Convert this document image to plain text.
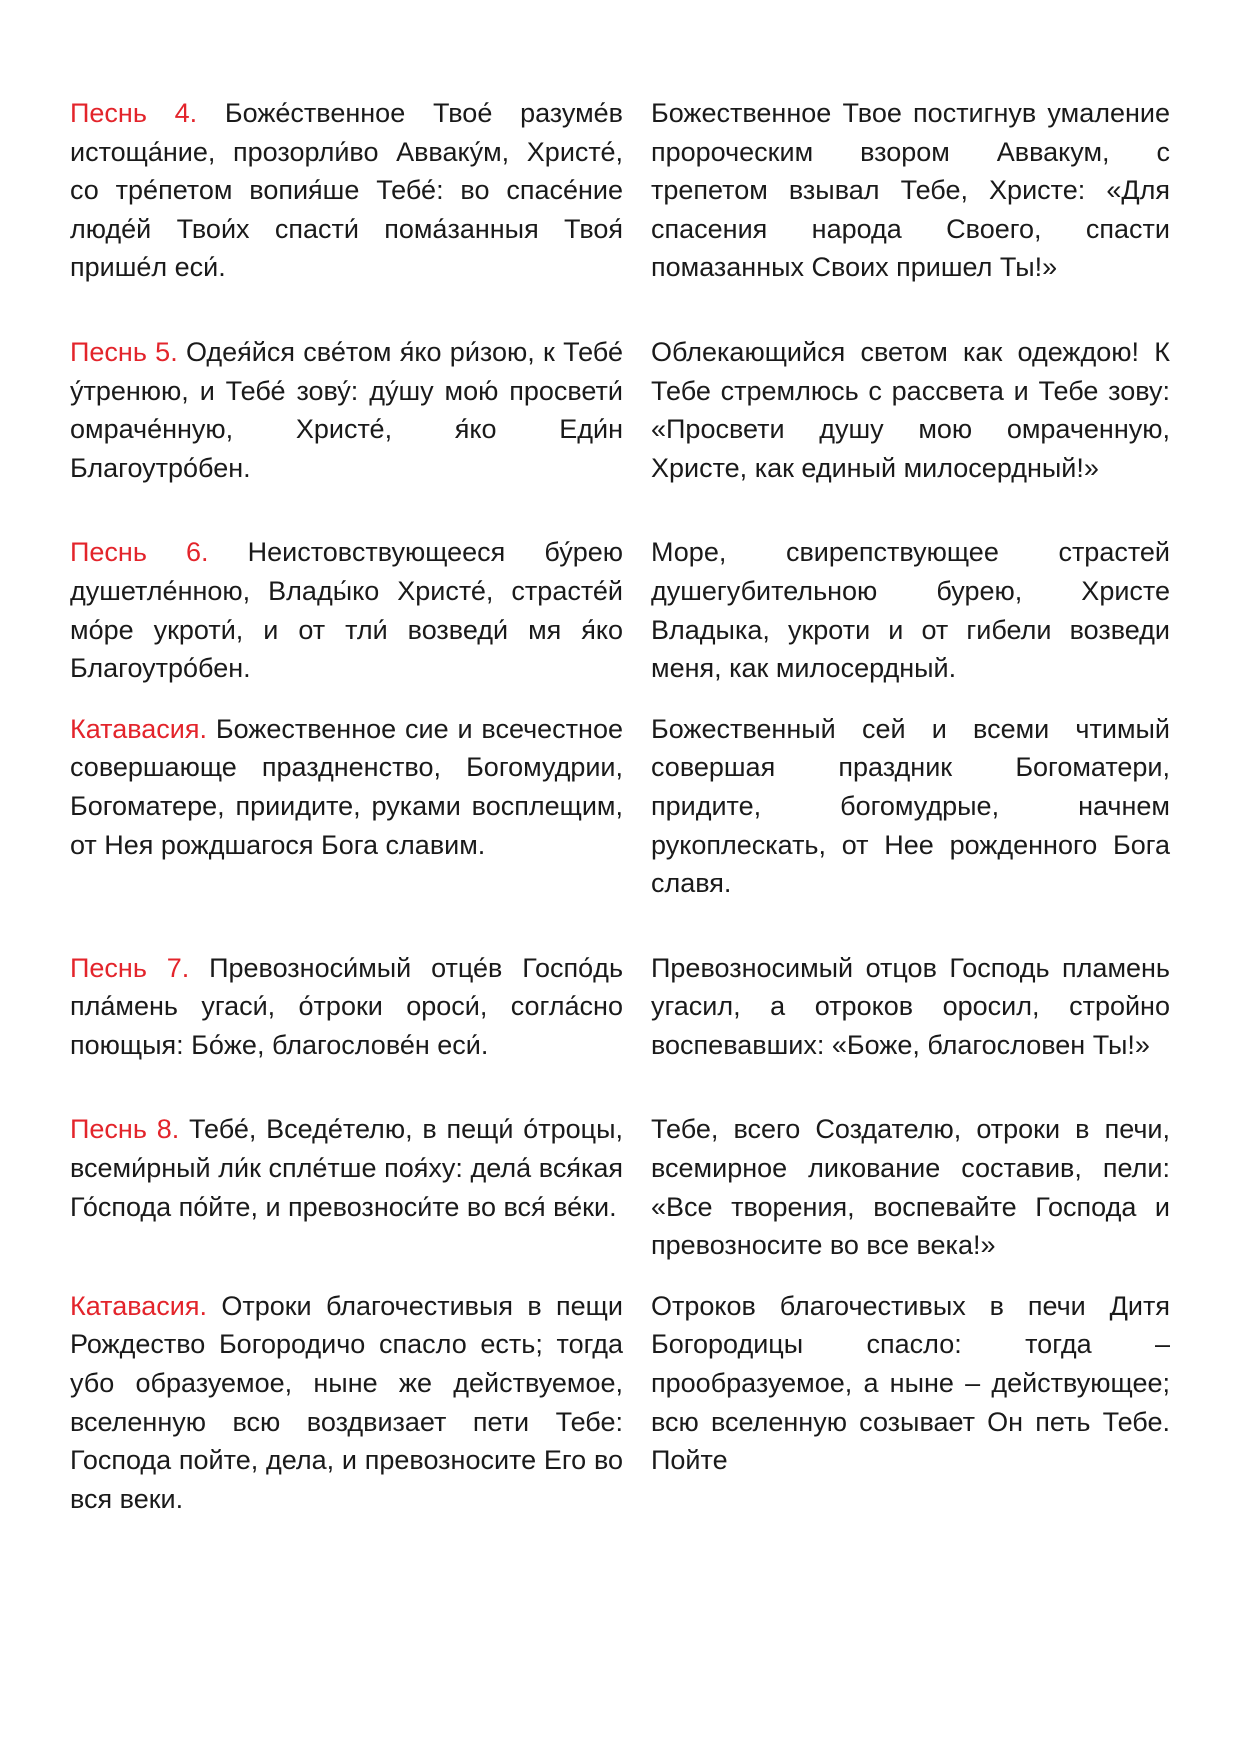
Песнь 4. Боже́ственное Твое́ разуме́в истоща́ние, прозорли́во Авваку́м, Христе́, со тре́петом вопия́ше Тебе́: во спасе́ние люде́й Твои́х спасти́ пома́занныя Твоя́ прише́л еси́.
Божественное Твое постигнув умаление пророческим взором Аввакум, с трепетом взывал Тебе, Христе: «Для спасения народа Своего, спасти помазанных Своих пришел Ты!»
Песнь 5. Одея́йся све́том я́ко ри́зою, к Тебе́ у́тренюю, и Тебе́ зову́: ду́шу мою́ просвети́ омраче́нную, Христе́, я́ко Еди́н Благоутро́бен.
Облекающийся светом как одеждою! К Тебе стремлюсь с рассвета и Тебе зову: «Просвети душу мою омраченную, Христе, как единый милосердный!»
Песнь 6. Неистовствующееся бу́рею душетле́нною, Влады́ко Христе́, страсте́й мо́ре укроти́, и от тли́ возведи́ мя я́ко Благоутро́бен.
Море, свирепствующее страстей душегубительною бурею, Христе Владыка, укроти и от гибели возведи меня, как милосердный.
Катавасия. Божественное сие и всечестное совершающе праздненство, Богомудрии, Богоматере, приидите, руками восплещим, от Нея рождшагося Бога славим.
Божественный сей и всеми чтимый совершая праздник Богоматери, придите, богомудрые, начнем рукоплескать, от Нее рожденного Бога славя.
Песнь 7. Превозноси́мый отце́в Госпо́дь пла́мень угаси́, о́троки ороси́, согла́сно поющыя: Бо́же, благослове́н еси́.
Превозносимый отцов Господь пламень угасил, а отроков оросил, стройно воспевавших: «Боже, благословен Ты!»
Песнь 8. Тебе́, Вседе́телю, в пещи́ о́троцы, всеми́рный ли́к спле́тше поя́ху: дела́ вся́кая Го́спода по́йте, и превозноси́те во вся́ ве́ки.
Тебе, всего Создателю, отроки в печи, всемирное ликование составив, пели: «Все творения, воспевайте Господа и превозносите во все века!»
Катавасия. Отроки благочестивыя в пещи Рождество Богородичо спасло есть; тогда убо образуемое, ныне же действуемое, вселенную всю воздвизает пети Тебе: Господа пойте, дела, и превозносите Его во вся веки.
Отроков благочестивых в печи Дитя Богородицы спасло: тогда – прообразуемое, а ныне – действующее; всю вселенную созывает Он петь Тебе. Пойте
